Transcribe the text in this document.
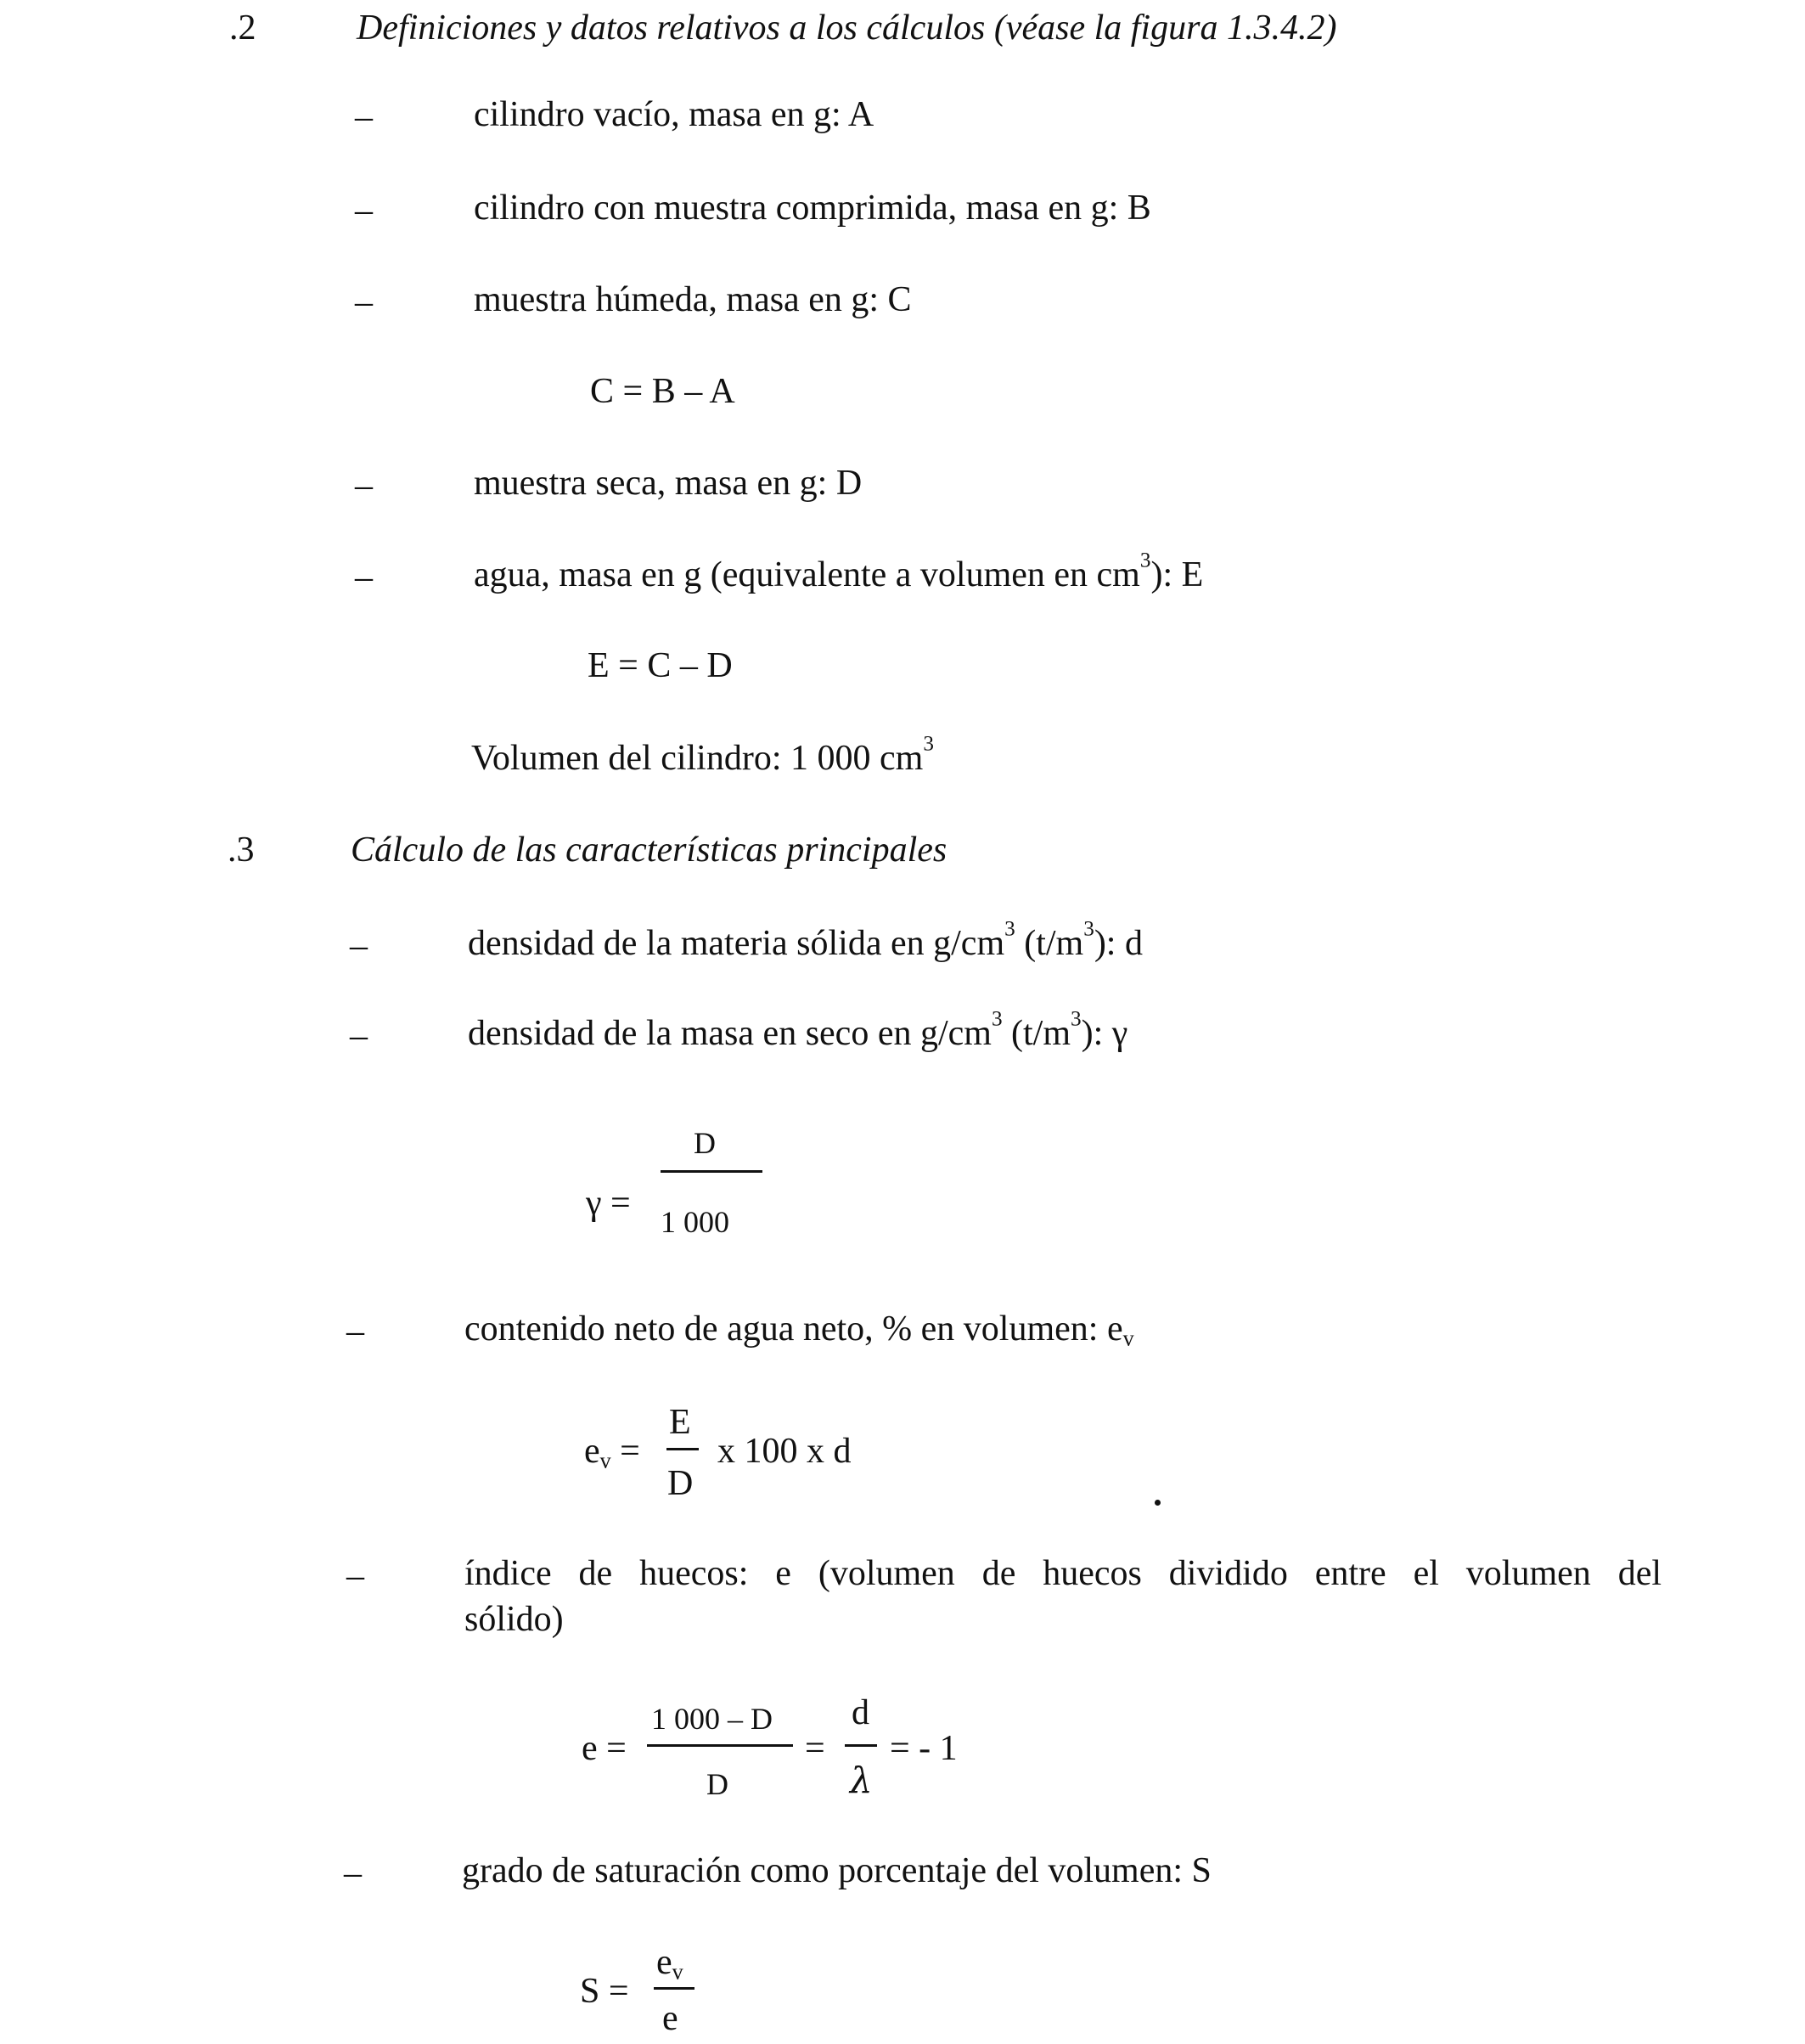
.2	Definiciones y datos relativos a los cálculos (véase la figura 1.3.4.2)
–	cilindro vacío, masa en g: A
–	cilindro con muestra comprimida, masa en g: B
–	muestra húmeda, masa en g: C
C = B – A
–	muestra seca, masa en g: D
–	agua, masa en g (equivalente a volumen en $cm^3$): E
E = C – D
Volumen del cilindro: 1 000 $cm^3$
.3	Cálculo de las características principales
–	densidad de la materia sólida en $g/cm^3$ $(t/m^3)$: d
–	densidad de la masa en seco en $g/cm^3$ $(t/m^3)$: γ
γ =
D
1 000
–	contenido neto de agua neto, % en volumen: $e_v$
$e_v$ =
E
D
x 100 x d
–	índice de huecos: e (volumen de huecos dividido entre el volumen del
sólido)
e =
1 000 – D
D
=
d
λ
= - 1
–	grado de saturación como porcentaje del volumen: S
S =
$e_v$
e
